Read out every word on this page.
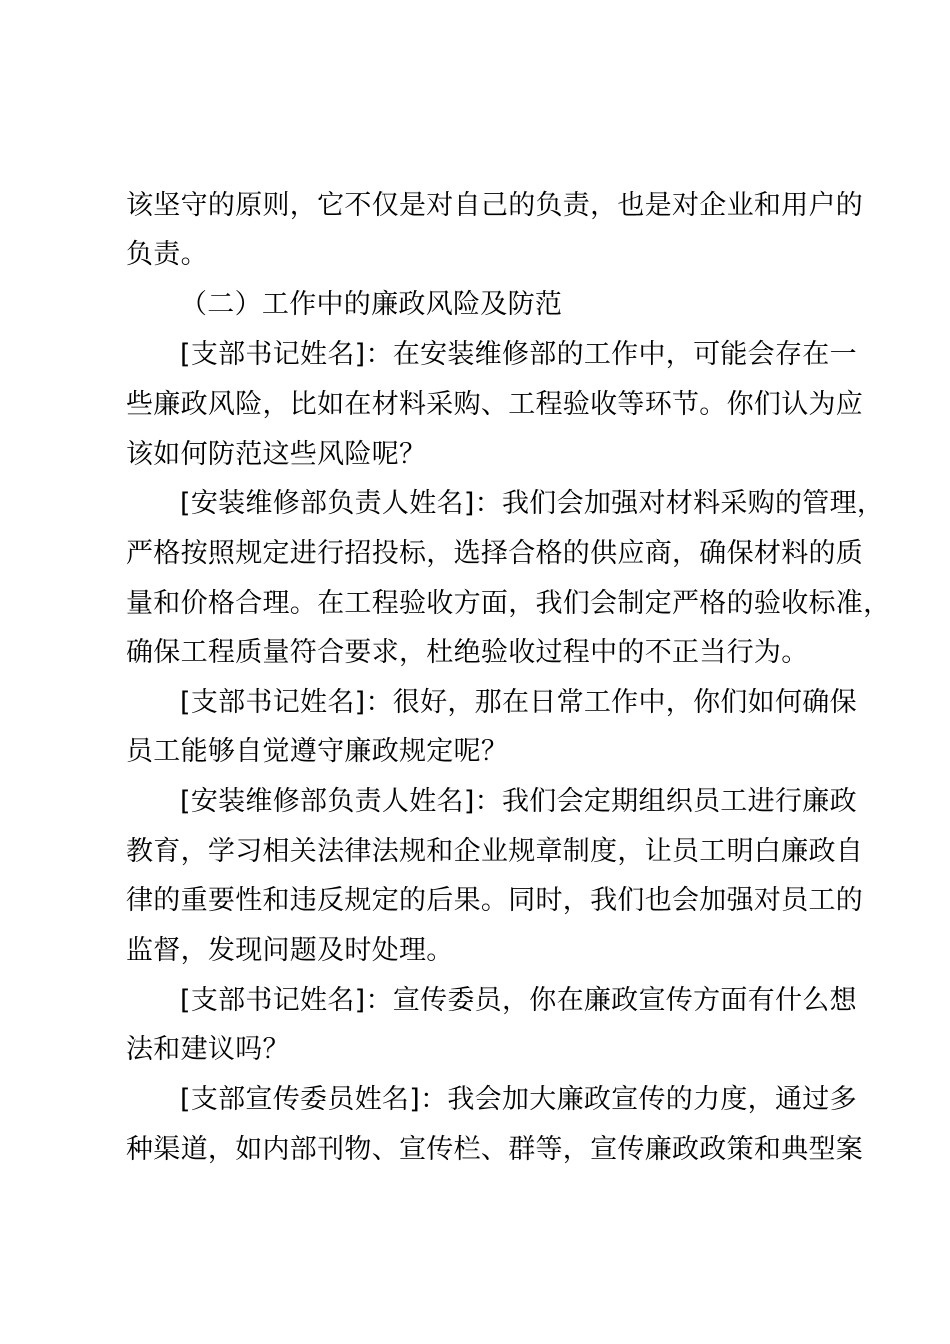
该坚守的原则，它不仅是对自己的负责，也是对企业和用户的
负责。
（二）工作中的廉政风险及防范
[支部书记姓名]：在安装维修部的工作中，可能会存在一
些廉政风险，比如在材料采购、工程验收等环节。你们认为应
该如何防范这些风险呢？
[安装维修部负责人姓名]：我们会加强对材料采购的管理，
严格按照规定进行招投标，选择合格的供应商，确保材料的质
量和价格合理。在工程验收方面，我们会制定严格的验收标准，
确保工程质量符合要求，杜绝验收过程中的不正当行为。
[支部书记姓名]：很好，那在日常工作中，你们如何确保
员工能够自觉遵守廉政规定呢？
[安装维修部负责人姓名]：我们会定期组织员工进行廉政
教育，学习相关法律法规和企业规章制度，让员工明白廉政自
律的重要性和违反规定的后果。同时，我们也会加强对员工的
监督，发现问题及时处理。
[支部书记姓名]：宣传委员，你在廉政宣传方面有什么想
法和建议吗？
[支部宣传委员姓名]：我会加大廉政宣传的力度，通过多
种渠道，如内部刊物、宣传栏、群等，宣传廉政政策和典型案
